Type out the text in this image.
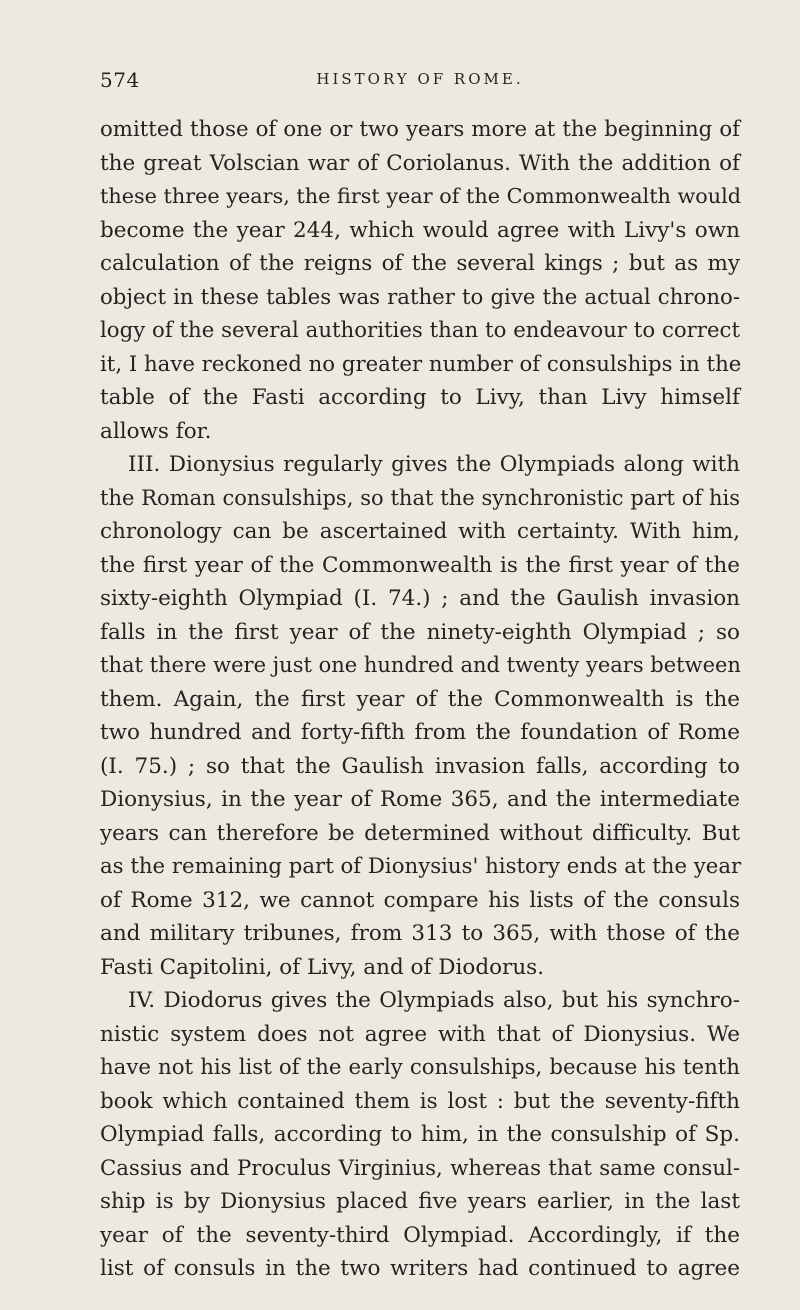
574	HISTORY OF ROME.
omitted those of one or two years more at the beginning of
the great Volscian war of Coriolanus. With the addition of
these three years, the first year of the Commonwealth would
become the year 244, which would agree with Livy's own
calculation of the reigns of the several kings ; but as my
object in these tables was rather to give the actual chrono-
logy of the several authorities than to endeavour to correct
it, I have reckoned no greater number of consulships in the
table of the Fasti according to Livy, than Livy himself
allows for.
III. Dionysius regularly gives the Olympiads along with
the Roman consulships, so that the synchronistic part of his
chronology can be ascertained with certainty. With him,
the first year of the Commonwealth is the first year of the
sixty-eighth Olympiad (I. 74.) ; and the Gaulish invasion
falls in the first year of the ninety-eighth Olympiad ; so
that there were just one hundred and twenty years between
them. Again, the first year of the Commonwealth is the
two hundred and forty-fifth from the foundation of Rome
(I. 75.) ; so that the Gaulish invasion falls, according to
Dionysius, in the year of Rome 365, and the intermediate
years can therefore be determined without difficulty. But
as the remaining part of Dionysius' history ends at the year
of Rome 312, we cannot compare his lists of the consuls
and military tribunes, from 313 to 365, with those of the
Fasti Capitolini, of Livy, and of Diodorus.
IV. Diodorus gives the Olympiads also, but his synchro-
nistic system does not agree with that of Dionysius. We
have not his list of the early consulships, because his tenth
book which contained them is lost : but the seventy-fifth
Olympiad falls, according to him, in the consulship of Sp.
Cassius and Proculus Virginius, whereas that same consul-
ship is by Dionysius placed five years earlier, in the last
year of the seventy-third Olympiad. Accordingly, if the
list of consuls in the two writers had continued to agree
